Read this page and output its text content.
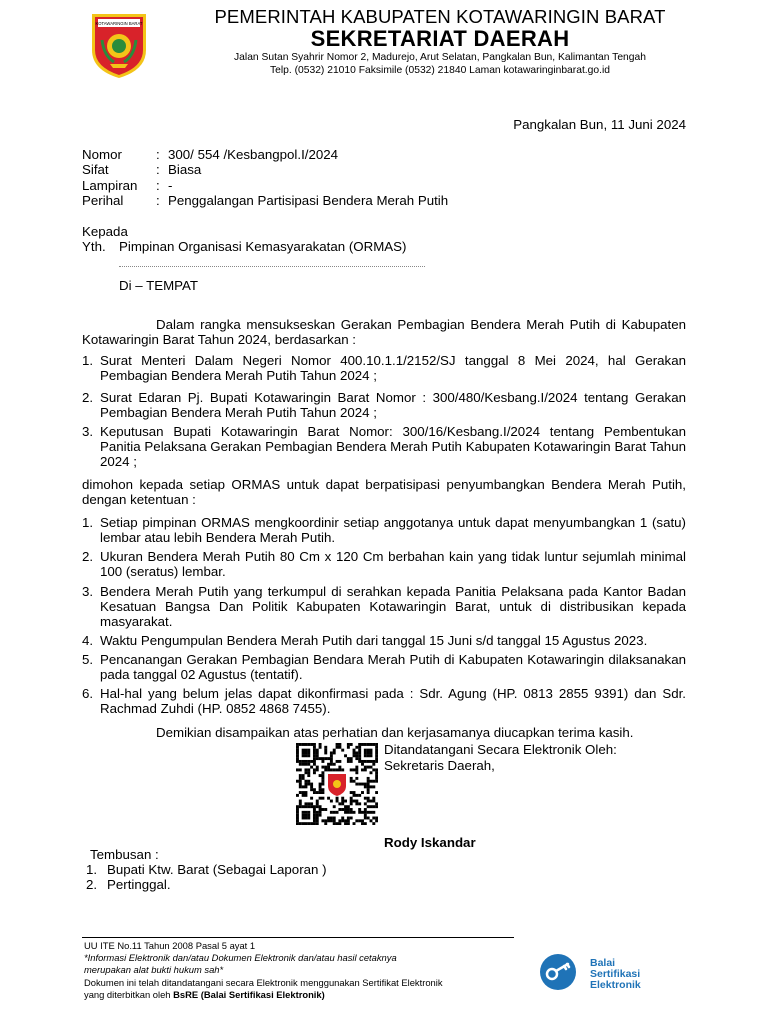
KOTAWARINGIN BARAT	PEMERINTAH KABUPATEN KOTAWARINGIN BARAT
SEKRETARIAT DAERAH
Jalan Sutan Syahrir Nomor 2, Madurejo, Arut Selatan, Pangkalan Bun, Kalimantan Tengah
Telp. (0532) 21010 Faksimile (0532) 21840 Laman kotawaringinbarat.go.id
Pangkalan Bun, 11 Juni 2024
Nomor	: 300/ 554 /Kesbangpol.I/2024
Sifat	: Biasa
Lampiran : -
Perihal : Penggalangan Partisipasi Bendera Merah Putih
Kepada
Yth. Pimpinan Organisasi Kemasyarakatan (ORMAS)
Di – TEMPAT
Dalam rangka mensukseskan Gerakan Pembagian Bendera Merah Putih di Kabupaten Kotawaringin Barat Tahun 2024, berdasarkan :
1. Surat Menteri Dalam Negeri Nomor 400.10.1.1/2152/SJ tanggal 8 Mei 2024, hal Gerakan Pembagian Bendera Merah Putih Tahun 2024 ;
2. Surat Edaran Pj. Bupati Kotawaringin Barat Nomor : 300/480/Kesbang.I/2024 tentang Gerakan Pembagian Bendera Merah Putih Tahun 2024 ;
3. Keputusan Bupati Kotawaringin Barat Nomor: 300/16/Kesbang.I/2024 tentang Pembentukan Panitia Pelaksana Gerakan Pembagian Bendera Merah Putih Kabupaten Kotawaringin Barat Tahun 2024 ;
dimohon kepada setiap ORMAS untuk dapat berpatisipasi penyumbangkan Bendera Merah Putih, dengan ketentuan :
1. Setiap pimpinan ORMAS mengkoordinir setiap anggotanya untuk dapat menyumbangkan 1 (satu) lembar atau lebih Bendera Merah Putih.
2. Ukuran Bendera Merah Putih 80 Cm x 120 Cm berbahan kain yang tidak luntur sejumlah minimal 100 (seratus) lembar.
3. Bendera Merah Putih yang terkumpul di serahkan kepada Panitia Pelaksana pada Kantor Badan Kesatuan Bangsa Dan Politik Kabupaten Kotawaringin Barat, untuk di distribusikan kepada masyarakat.
4. Waktu Pengumpulan Bendera Merah Putih dari tanggal 15 Juni s/d tanggal 15 Agustus 2023.
5. Pencanangan Gerakan Pembagian Bendara Merah Putih di Kabupaten Kotawaringin dilaksanakan pada tanggal 02 Agustus (tentatif).
6. Hal-hal yang belum jelas dapat dikonfirmasi pada : Sdr. Agung (HP. 0813 2855 9391) dan Sdr. Rachmad Zuhdi (HP. 0852 4868 7455).
Demikian disampaikan atas perhatian dan kerjasamanya diucapkan terima kasih.
Ditandatangani Secara Elektronik Oleh:
Sekretaris Daerah,
Rody Iskandar
Tembusan :
1. Bupati Ktw. Barat (Sebagai Laporan )
2. Pertinggal.
UU ITE No.11 Tahun 2008 Pasal 5 ayat 1
*Informasi Elektronik dan/atau Dokumen Elektronik dan/atau hasil cetaknya
merupakan alat bukti hukum sah*
Dokumen ini telah ditandatangani secara Elektronik menggunakan Sertifikat Elektronik
yang diterbitkan oleh BsRE (Balai Sertifikasi Elektronik)
Balai
Sertifikasi
Elektronik
